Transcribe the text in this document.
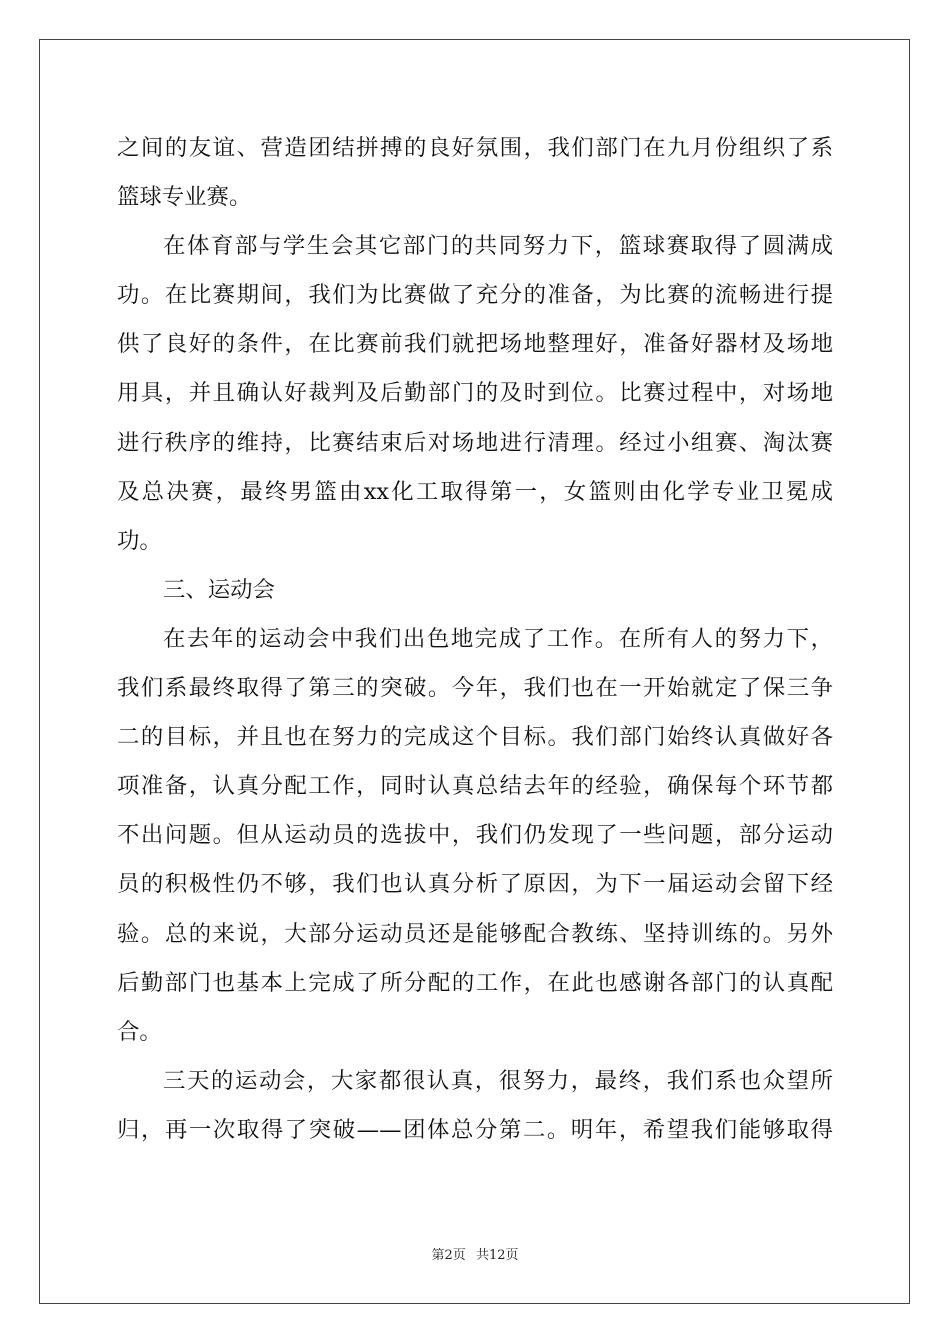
之间的友谊、营造团结拼搏的良好氛围，我们部门在九月份组织了系
篮球专业赛。
在体育部与学生会其它部门的共同努力下，篮球赛取得了圆满成
功。在比赛期间，我们为比赛做了充分的准备，为比赛的流畅进行提
供了良好的条件，在比赛前我们就把场地整理好，准备好器材及场地
用具，并且确认好裁判及后勤部门的及时到位。比赛过程中，对场地
进行秩序的维持，比赛结束后对场地进行清理。经过小组赛、淘汰赛
及总决赛，最终男篮由xx化工取得第一，女篮则由化学专业卫冕成
功。
三、运动会
在去年的运动会中我们出色地完成了工作。在所有人的努力下，
我们系最终取得了第三的突破。今年，我们也在一开始就定了保三争
二的目标，并且也在努力的完成这个目标。我们部门始终认真做好各
项准备，认真分配工作，同时认真总结去年的经验，确保每个环节都
不出问题。但从运动员的选拔中，我们仍发现了一些问题，部分运动
员的积极性仍不够，我们也认真分析了原因，为下一届运动会留下经
验。总的来说，大部分运动员还是能够配合教练、坚持训练的。另外
后勤部门也基本上完成了所分配的工作，在此也感谢各部门的认真配
合。
三天的运动会，大家都很认真，很努力，最终，我们系也众望所
归，再一次取得了突破——团体总分第二。明年，希望我们能够取得
第2页 共12页
